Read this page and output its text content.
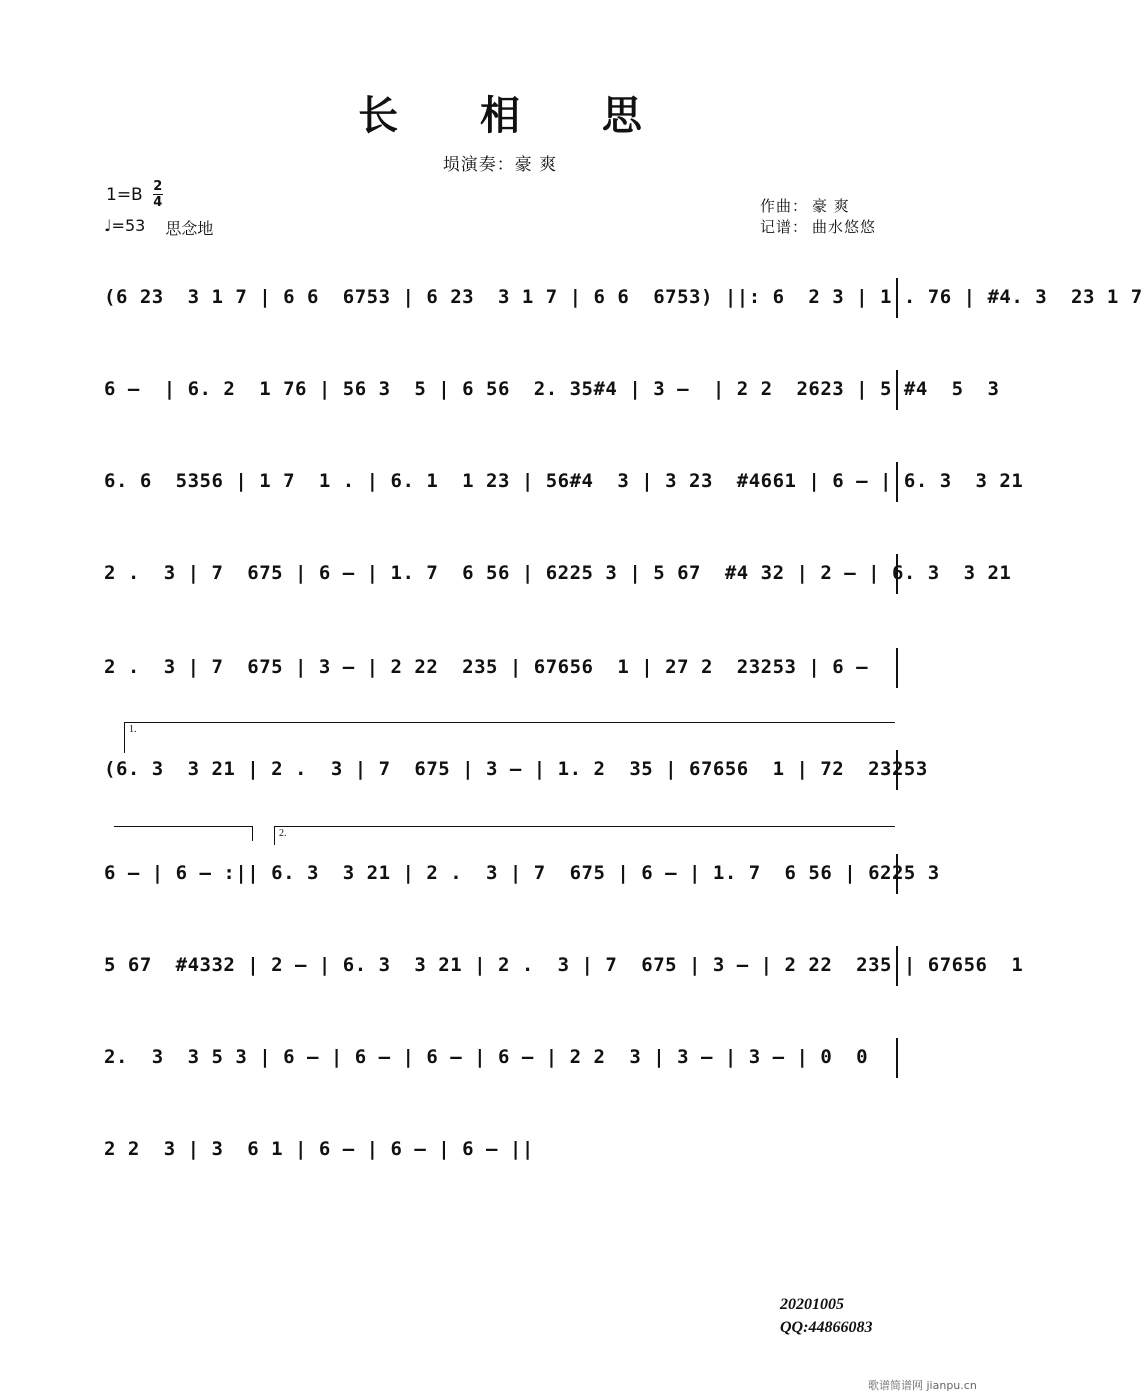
长 相 思
埙演奏：豪 爽
1=B 2
4
♩=53 思念地
作曲： 豪 爽
记谱： 曲水悠悠
(6 23  3 1 7 | 6 6  6753 | 6 23  3 1 7 | 6 6  6753) ||: 6  2 3 | 1 . 76 | #4. 3  23 1 7
6 –  | 6. 2  1 76 | 56 3  5 | 6 56  2. 35#4 | 3 –  | 2 2  2623 | 5 #4  5  3
6. 6  5356 | 1 7  1 . | 6. 1  1 23 | 56#4  3 | 3 23  #4661 | 6 – | 6. 3  3 21
2 .  3 | 7  675 | 6 – | 1. 7  6 56 | 6225 3 | 5 67  #4 32 | 2 – | 6. 3  3 21
2 .  3 | 7  675 | 3 – | 2 22  235 | 67656  1 | 27 2  23253 | 6 –
1.
(6. 3  3 21 | 2 .  3 | 7  675 | 3 – | 1. 2  35 | 67656  1 | 72  23253
2.
6 – | 6 – :|| 6. 3  3 21 | 2 .  3 | 7  675 | 6 – | 1. 7  6 56 | 6225 3
5 67  #4332 | 2 – | 6. 3  3 21 | 2 .  3 | 7  675 | 3 – | 2 22  235 | 67656  1
2.  3  3 5 3 | 6 – | 6 – | 6 – | 6 – | 2 2  3 | 3 – | 3 – | 0  0
2 2  3 | 3  6 1 | 6 – | 6 – | 6 – ||
20201005
QQ:44866083
歌谱简谱网 jianpu.cn
